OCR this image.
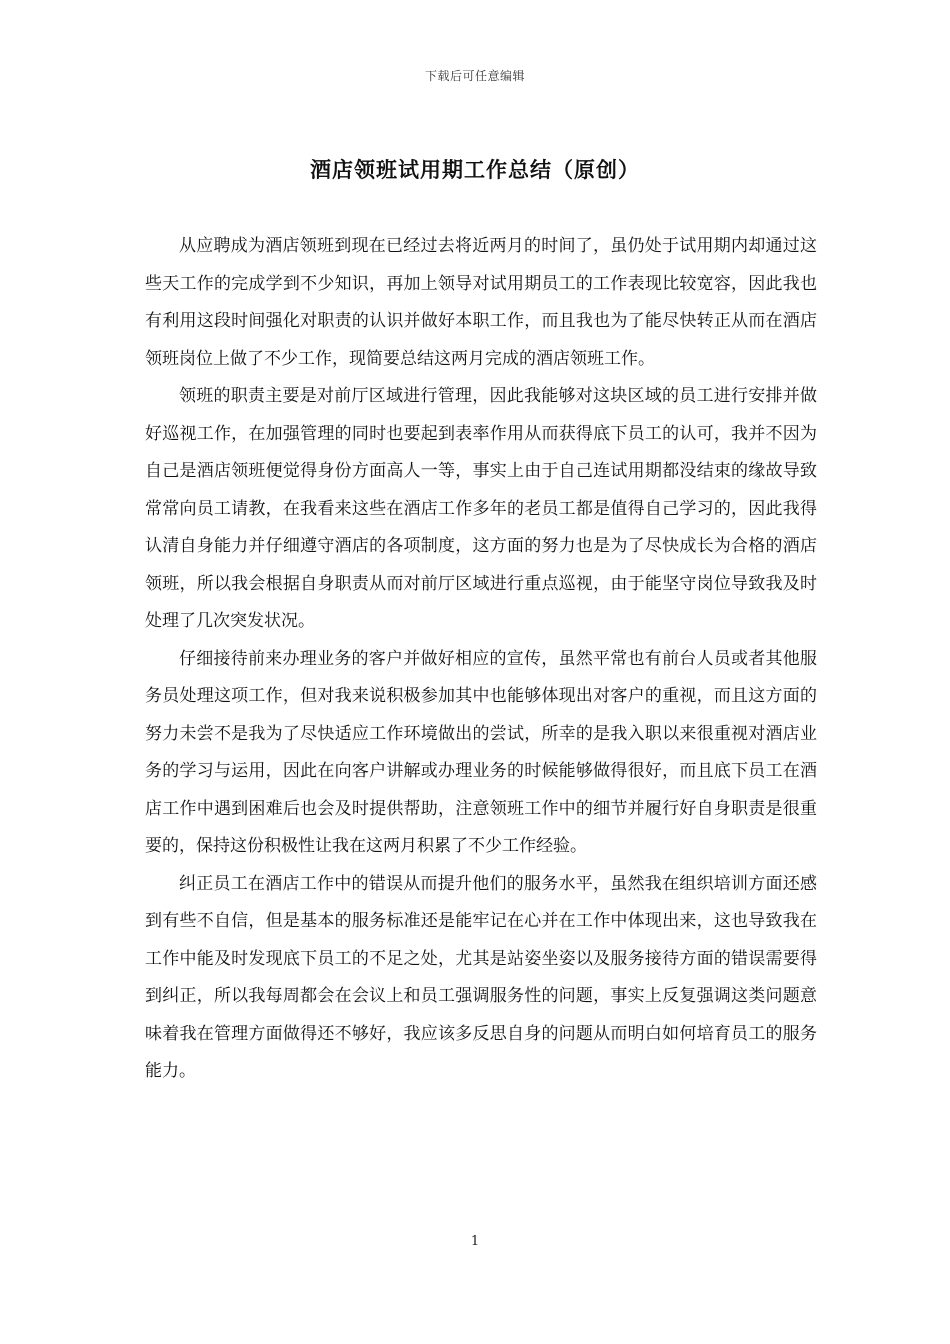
下载后可任意编辑
酒店领班试用期工作总结（原创）

从应聘成为酒店领班到现在已经过去将近两月的时间了，虽仍处于试用期内却通过这些天工作的完成学到不少知识，再加上领导对试用期员工的工作表现比较宽容，因此我也有利用这段时间强化对职责的认识并做好本职工作，而且我也为了能尽快转正从而在酒店领班岗位上做了不少工作，现简要总结这两月完成的酒店领班工作。

领班的职责主要是对前厅区域进行管理，因此我能够对这块区域的员工进行安排并做好巡视工作，在加强管理的同时也要起到表率作用从而获得底下员工的认可，我并不因为自己是酒店领班便觉得身份方面高人一等，事实上由于自己连试用期都没结束的缘故导致常常向员工请教，在我看来这些在酒店工作多年的老员工都是值得自己学习的，因此我得认清自身能力并仔细遵守酒店的各项制度，这方面的努力也是为了尽快成长为合格的酒店领班，所以我会根据自身职责从而对前厅区域进行重点巡视，由于能坚守岗位导致我及时处理了几次突发状况。

仔细接待前来办理业务的客户并做好相应的宣传，虽然平常也有前台人员或者其他服务员处理这项工作，但对我来说积极参加其中也能够体现出对客户的重视，而且这方面的努力未尝不是我为了尽快适应工作环境做出的尝试，所幸的是我入职以来很重视对酒店业务的学习与运用，因此在向客户讲解或办理业务的时候能够做得很好，而且底下员工在酒店工作中遇到困难后也会及时提供帮助，注意领班工作中的细节并履行好自身职责是很重要的，保持这份积极性让我在这两月积累了不少工作经验。

纠正员工在酒店工作中的错误从而提升他们的服务水平，虽然我在组织培训方面还感到有些不自信，但是基本的服务标准还是能牢记在心并在工作中体现出来，这也导致我在工作中能及时发现底下员工的不足之处，尤其是站姿坐姿以及服务接待方面的错误需要得到纠正，所以我每周都会在会议上和员工强调服务性的问题，事实上反复强调这类问题意味着我在管理方面做得还不够好，我应该多反思自身的问题从而明白如何培育员工的服务能力。

1
